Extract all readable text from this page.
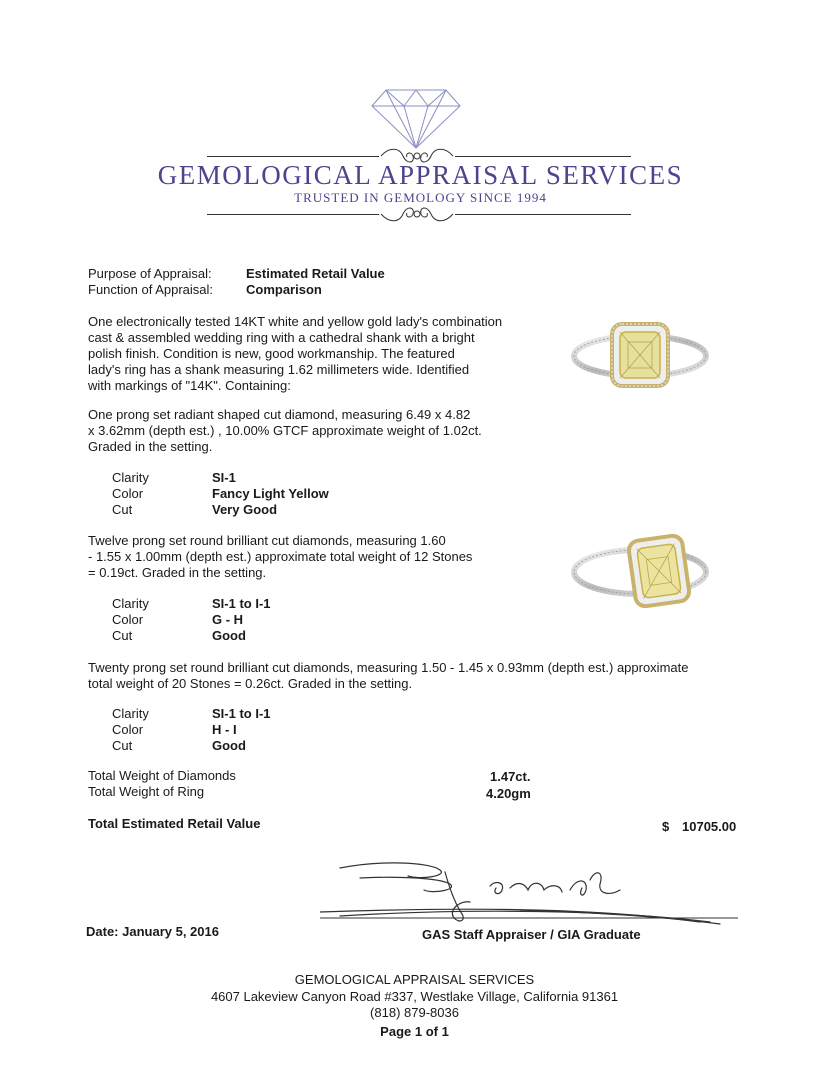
GEMOLOGICAL APPRAISAL SERVICES
TRUSTED IN GEMOLOGY SINCE 1994
Purpose of Appraisal:	Estimated Retail Value
Function of Appraisal:	Comparison
One electronically tested 14KT white and yellow gold lady's combination
cast & assembled wedding ring with a cathedral shank with a bright
polish finish. Condition is new, good workmanship. The featured
lady's ring has a shank measuring 1.62 millimeters wide. Identified
with markings of "14K". Containing:
One prong set radiant shaped cut diamond, measuring 6.49 x 4.82
x 3.62mm (depth est.) , 10.00% GTCF approximate weight of 1.02ct.
Graded in the setting.
Clarity	SI-1
Color	Fancy Light Yellow
Cut	Very Good
Twelve prong set round brilliant cut diamonds, measuring 1.60
- 1.55 x 1.00mm (depth est.) approximate total weight of 12 Stones
= 0.19ct. Graded in the setting.
Clarity	SI-1 to I-1
Color	G - H
Cut	Good
Twenty prong set round brilliant cut diamonds, measuring 1.50 - 1.45 x 0.93mm (depth est.) approximate
total weight of 20 Stones = 0.26ct. Graded in the setting.
Clarity	SI-1 to I-1
Color	H - I
Cut	Good
Total Weight of Diamonds	1.47ct.
Total Weight of Ring	4.20gm
Total Estimated Retail Value	$ 10705.00
Date: January 5, 2016	GAS Staff Appraiser / GIA Graduate
GEMOLOGICAL APPRAISAL SERVICES
4607 Lakeview Canyon Road #337, Westlake Village, California 91361
(818) 879-8036
Page 1 of 1
